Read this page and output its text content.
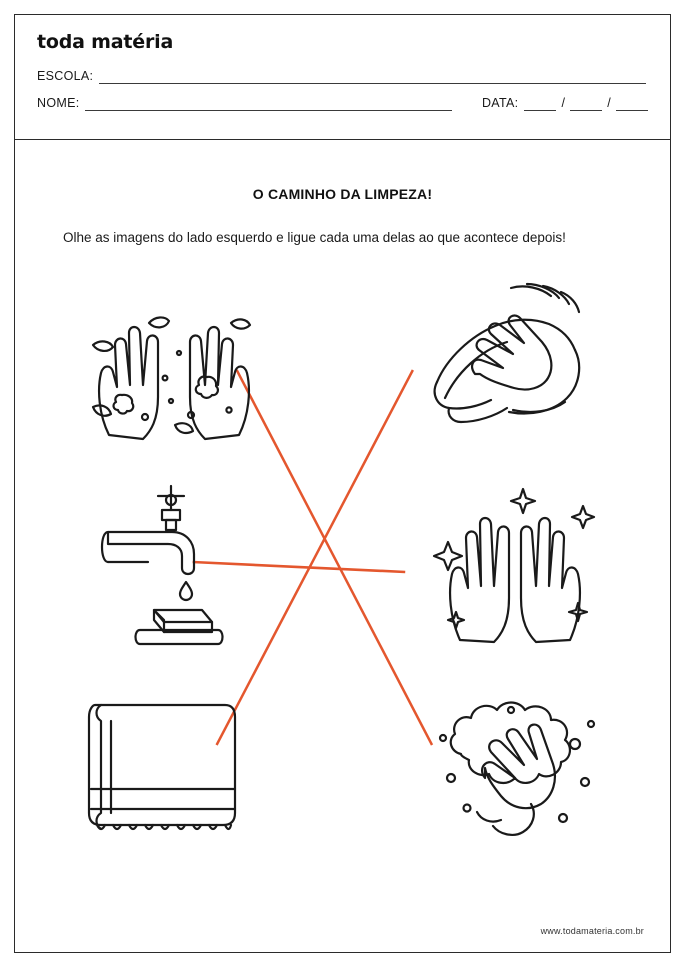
toda matéria
ESCOLA:
NOME:	DATA:	/	/
O CAMINHO DA LIMPEZA!
Olhe as imagens do lado esquerdo e ligue cada uma delas ao que acontece depois!
www.todamateria.com.br
